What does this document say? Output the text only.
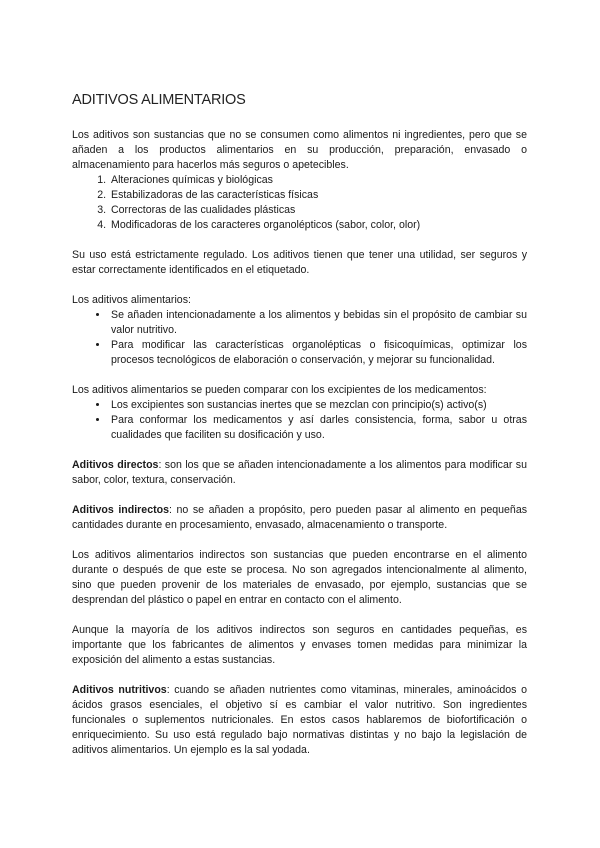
ADITIVOS ALIMENTARIOS

Los aditivos son sustancias que no se consumen como alimentos ni ingredientes, pero que se añaden a los productos alimentarios en su producción, preparación, envasado o almacenamiento para hacerlos más seguros o apetecibles.

1. Alteraciones químicas y biológicas
2. Estabilizadoras de las características físicas
3. Correctoras de las cualidades plásticas
4. Modificadoras de los caracteres organolépticos (sabor, color, olor)

Su uso está estrictamente regulado. Los aditivos tienen que tener una utilidad, ser seguros y estar correctamente identificados en el etiquetado.

Los aditivos alimentarios:

• Se añaden intencionadamente a los alimentos y bebidas sin el propósito de cambiar su valor nutritivo.
• Para modificar las características organolépticas o fisicoquímicas, optimizar los procesos tecnológicos de elaboración o conservación, y mejorar su funcionalidad.

Los aditivos alimentarios se pueden comparar con los excipientes de los medicamentos:

• Los excipientes son sustancias inertes que se mezclan con principio(s) activo(s)
• Para conformar los medicamentos y así darles consistencia, forma, sabor u otras cualidades que faciliten su dosificación y uso.

Aditivos directos: son los que se añaden intencionadamente a los alimentos para modificar su sabor, color, textura, conservación.

Aditivos indirectos: no se añaden a propósito, pero pueden pasar al alimento en pequeñas cantidades durante en procesamiento, envasado, almacenamiento o transporte.

Los aditivos alimentarios indirectos son sustancias que pueden encontrarse en el alimento durante o después de que este se procesa. No son agregados intencionalmente al alimento, sino que pueden provenir de los materiales de envasado, por ejemplo, sustancias que se desprendan del plástico o papel en entrar en contacto con el alimento.

Aunque la mayoría de los aditivos indirectos son seguros en cantidades pequeñas, es importante que los fabricantes de alimentos y envases tomen medidas para minimizar la exposición del alimento a estas sustancias.

Aditivos nutritivos: cuando se añaden nutrientes como vitaminas, minerales, aminoácidos o ácidos grasos esenciales, el objetivo sí es cambiar el valor nutritivo. Son ingredientes funcionales o suplementos nutricionales. En estos casos hablaremos de biofortificación o enriquecimiento. Su uso está regulado bajo normativas distintas y no bajo la legislación de aditivos alimentarios. Un ejemplo es la sal yodada.
